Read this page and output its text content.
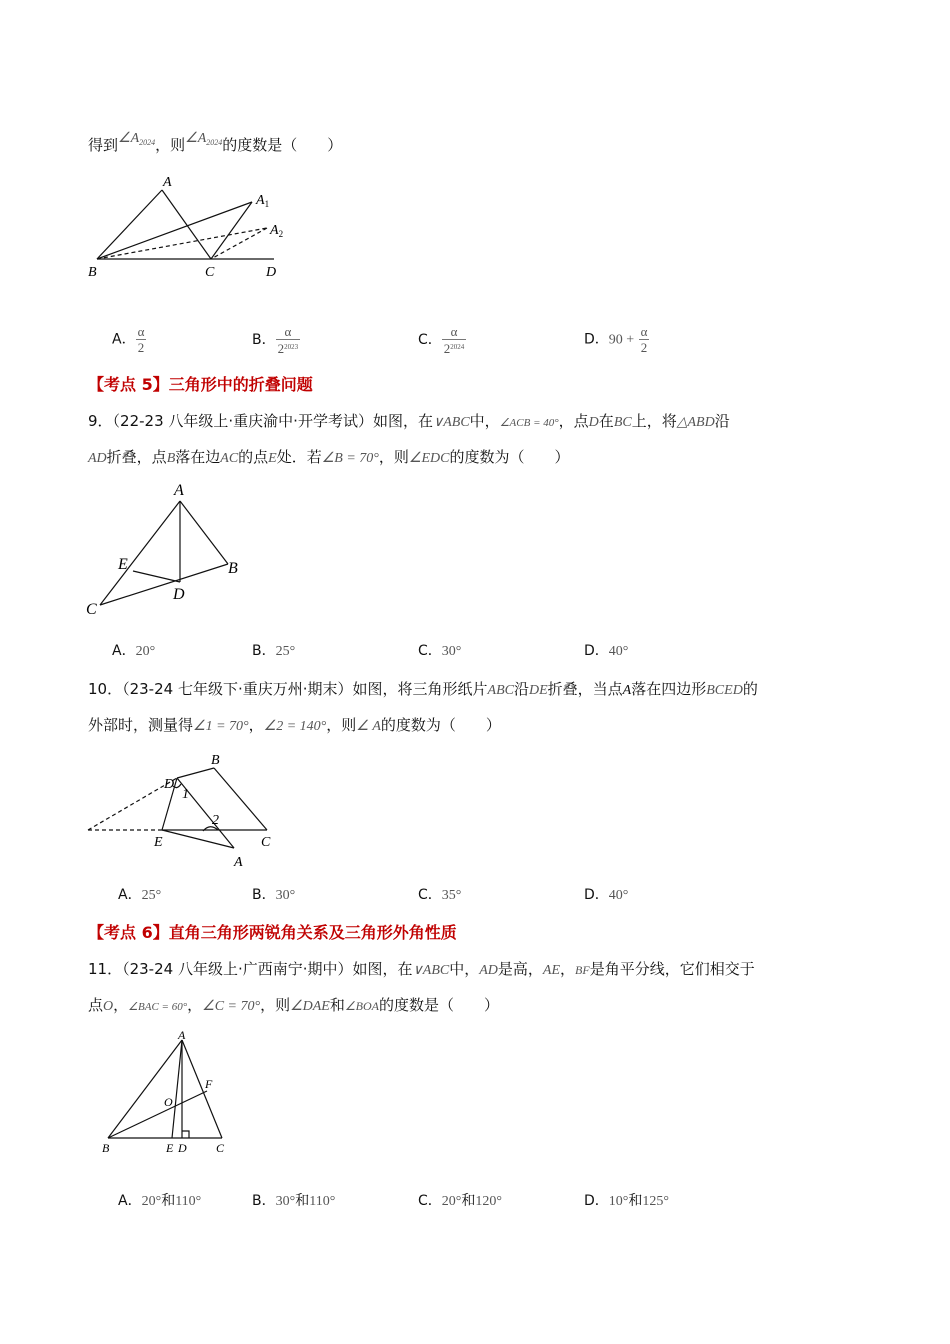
得到$\angle A_{2024}$，则$\angle A_{2024}$的度数是（　　）
A
$A_1$
$A_2$
B	C	D
A． $\frac{\alpha}{2}$	B． $\frac{\alpha}{2^{2023}}$	C． $\frac{\alpha}{2^{2024}}$	D．$90 + \frac{\alpha}{2}$
【考点 5】三角形中的折叠问题
9．（22-23 八年级上·重庆渝中·开学考试）如图，在∨ABC中，∠ACB = 40°，点D在BC上，将△ABD沿
AD折叠，点B落在边AC的点E处．若∠B = 70°，则∠EDC的度数为（　　）
A
B
C
D
E
A．20°	B．25°	C．30°	D．40°
10．（23-24 七年级下·重庆万州·期末）如图，将三角形纸片ABC沿DE折叠，当点A落在四边形BCED的
外部时，测量得∠1 = 70°，∠2 = 140°，则∠ A的度数为（　　）
B
C
D
E
A
1
2
A．25°	B．30°	C．35°	D．40°
【考点 6】直角三角形两锐角关系及三角形外角性质
11．（23-24 八年级上·广西南宁·期中）如图，在∨ABC中，AD是高，AE，BF是角平分线，它们相交于
点O，∠BAC = 60°，∠C = 70°，则∠DAE和∠BOA的度数是（　　）
A
B	E D C
F
O
A．20°和110°	B．30°和110°	C．20°和120°	D．10°和125°
